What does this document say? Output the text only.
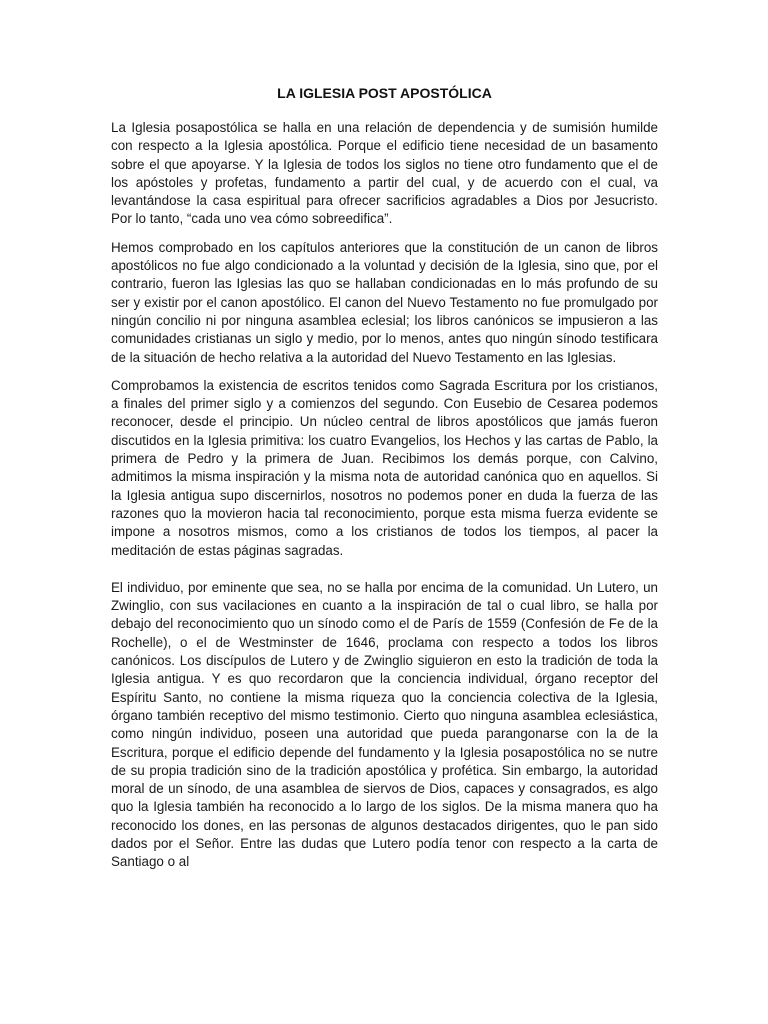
LA IGLESIA POST APOSTÓLICA

La Iglesia posapostólica se halla en una relación de dependencia y de sumisión humilde con respecto a la Iglesia apostólica. Porque el edificio tiene necesidad de un basamento sobre el que apoyarse. Y la Iglesia de todos los siglos no tiene otro fundamento que el de los apóstoles y profetas, fundamento a partir del cual, y de acuerdo con el cual, va levantándose la casa espiritual para ofrecer sacrificios agradables a Dios por Jesucristo. Por lo tanto, “cada uno vea cómo sobreedifica”.

Hemos comprobado en los capítulos anteriores que la constitución de un canon de libros apostólicos no fue algo condicionado a la voluntad y decisión de la Iglesia, sino que, por el contrario, fueron las Iglesias las quo se hallaban condicionadas en lo más profundo de su ser y existir por el canon apostólico. El canon del Nuevo Testamento no fue promulgado por ningún concilio ni por ninguna asamblea eclesial; los libros canónicos se impusieron a las comunidades cristianas un siglo y medio, por lo menos, antes quo ningún sínodo testificara de la situación de hecho relativa a la autoridad del Nuevo Testamento en las Iglesias.

Comprobamos la existencia de escritos tenidos como Sagrada Escritura por los cristianos, a finales del primer siglo y a comienzos del segundo. Con Eusebio de Cesarea podemos reconocer, desde el principio. Un núcleo central de libros apostólicos que jamás fueron discutidos en la Iglesia primitiva: los cuatro Evangelios, los Hechos y las cartas de Pablo, la primera de Pedro y la primera de Juan. Recibimos los demás porque, con Calvino, admitimos la misma inspiración y la misma nota de autoridad canónica quo en aquellos. Si la Iglesia antigua supo discernirlos, nosotros no podemos poner en duda la fuerza de las razones quo la movieron hacia tal reconocimiento, porque esta misma fuerza evidente se impone a nosotros mismos, como a los cristianos de todos los tiempos, al pacer la meditación de estas páginas sagradas.

El individuo, por eminente que sea, no se halla por encima de la comunidad. Un Lutero, un Zwinglio, con sus vacilaciones en cuanto a la inspiración de tal o cual libro, se halla por debajo del reconocimiento quo un sínodo como el de París de 1559 (Confesión de Fe de la Rochelle), o el de Westminster de 1646, proclama con respecto a todos los libros canónicos. Los discípulos de Lutero y de Zwinglio siguieron en esto la tradición de toda la Iglesia antigua. Y es quo recordaron que la conciencia individual, órgano receptor del Espíritu Santo, no contiene la misma riqueza quo la conciencia colectiva de la Iglesia, órgano también receptivo del mismo testimonio. Cierto quo ninguna asamblea eclesiástica, como ningún individuo, poseen una autoridad que pueda parangonarse con la de la Escritura, porque el edificio depende del fundamento y la Iglesia posapostólica no se nutre de su propia tradición sino de la tradición apostólica y profética. Sin embargo, la autoridad moral de un sínodo, de una asamblea de siervos de Dios, capaces y consagrados, es algo quo la Iglesia también ha reconocido a lo largo de los siglos. De la misma manera quo ha reconocido los dones, en las personas de algunos destacados dirigentes, quo le pan sido dados por el Señor. Entre las dudas que Lutero podía tenor con respecto a la carta de Santiago o al
